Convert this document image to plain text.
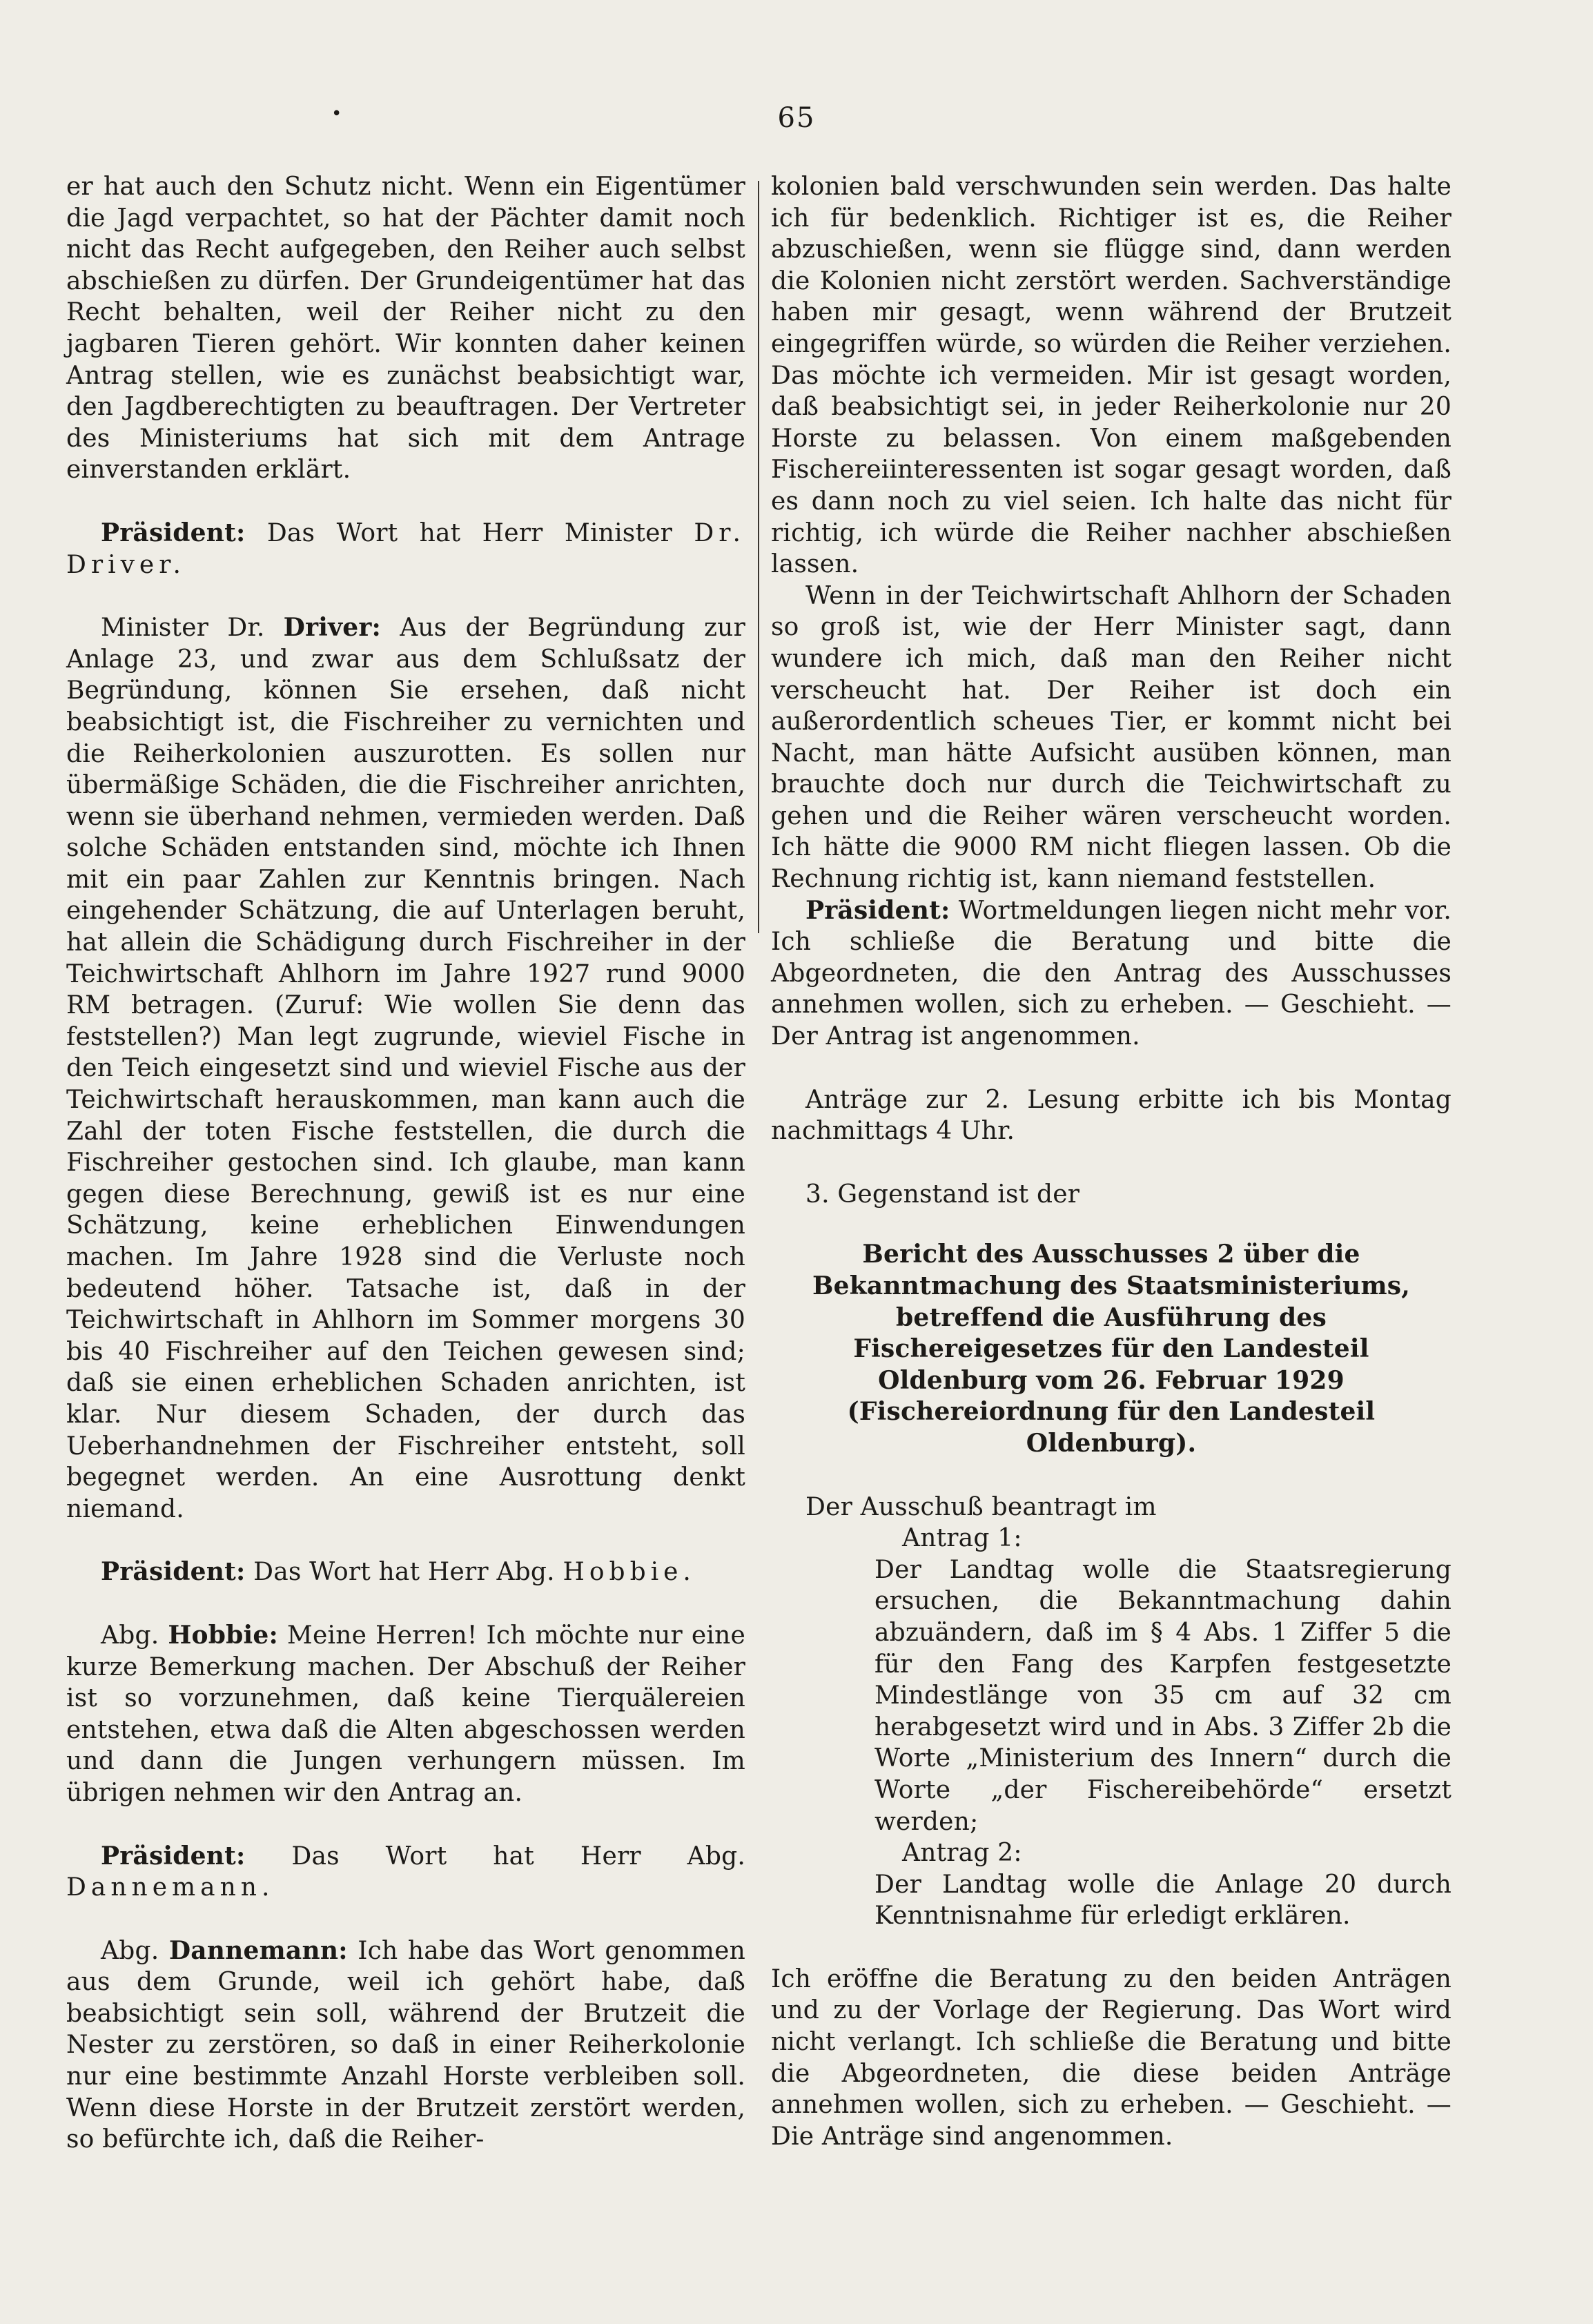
•	65

er hat auch den Schutz nicht. Wenn ein Eigentümer die Jagd verpachtet, so hat der Pächter damit noch nicht das Recht aufgegeben, den Reiher auch selbst abschießen zu dürfen. Der Grundeigentümer hat das Recht behalten, weil der Reiher nicht zu den jagbaren Tieren gehört. Wir konnten daher keinen Antrag stellen, wie es zunächst beabsichtigt war, den Jagdberechtigten zu beauftragen. Der Vertreter des Ministeriums hat sich mit dem Antrage einverstanden erklärt.

Präsident: Das Wort hat Herr Minister Dr. Driver.

Minister Dr. Driver: Aus der Begründung zur Anlage 23, und zwar aus dem Schlußsatz der Begründung, können Sie ersehen, daß nicht beabsichtigt ist, die Fischreiher zu vernichten und die Reiherkolonien auszurotten. Es sollen nur übermäßige Schäden, die die Fischreiher anrichten, wenn sie überhand nehmen, vermieden werden. Daß solche Schäden entstanden sind, möchte ich Ihnen mit ein paar Zahlen zur Kenntnis bringen. Nach eingehender Schätzung, die auf Unterlagen beruht, hat allein die Schädigung durch Fischreiher in der Teichwirtschaft Ahlhorn im Jahre 1927 rund 9000 RM betragen. (Zuruf: Wie wollen Sie denn das feststellen?) Man legt zugrunde, wieviel Fische in den Teich eingesetzt sind und wieviel Fische aus der Teichwirtschaft herauskommen, man kann auch die Zahl der toten Fische feststellen, die durch die Fischreiher gestochen sind. Ich glaube, man kann gegen diese Berechnung, gewiß ist es nur eine Schätzung, keine erheblichen Einwendungen machen. Im Jahre 1928 sind die Verluste noch bedeutend höher. Tatsache ist, daß in der Teichwirtschaft in Ahlhorn im Sommer morgens 30 bis 40 Fischreiher auf den Teichen gewesen sind; daß sie einen erheblichen Schaden anrichten, ist klar. Nur diesem Schaden, der durch das Ueberhandnehmen der Fischreiher entsteht, soll begegnet werden. An eine Ausrottung denkt niemand.

Präsident: Das Wort hat Herr Abg. Hobbie.

Abg. Hobbie: Meine Herren! Ich möchte nur eine kurze Bemerkung machen. Der Abschuß der Reiher ist so vorzunehmen, daß keine Tierquälereien entstehen, etwa daß die Alten abgeschossen werden und dann die Jungen verhungern müssen. Im übrigen nehmen wir den Antrag an.

Präsident: Das Wort hat Herr Abg. Dannemann.

Abg. Dannemann: Ich habe das Wort genommen aus dem Grunde, weil ich gehört habe, daß beabsichtigt sein soll, während der Brutzeit die Nester zu zerstören, so daß in einer Reiherkolonie nur eine bestimmte Anzahl Horste verbleiben soll. Wenn diese Horste in der Brutzeit zerstört werden, so befürchte ich, daß die Reiher-

kolonien bald verschwunden sein werden. Das halte ich für bedenklich. Richtiger ist es, die Reiher abzuschießen, wenn sie flügge sind, dann werden die Kolonien nicht zerstört werden. Sachverständige haben mir gesagt, wenn während der Brutzeit eingegriffen würde, so würden die Reiher verziehen. Das möchte ich vermeiden. Mir ist gesagt worden, daß beabsichtigt sei, in jeder Reiherkolonie nur 20 Horste zu belassen. Von einem maßgebenden Fischereiinteressenten ist sogar gesagt worden, daß es dann noch zu viel seien. Ich halte das nicht für richtig, ich würde die Reiher nachher abschießen lassen.

Wenn in der Teichwirtschaft Ahlhorn der Schaden so groß ist, wie der Herr Minister sagt, dann wundere ich mich, daß man den Reiher nicht verscheucht hat. Der Reiher ist doch ein außerordentlich scheues Tier, er kommt nicht bei Nacht, man hätte Aufsicht ausüben können, man brauchte doch nur durch die Teichwirtschaft zu gehen und die Reiher wären verscheucht worden. Ich hätte die 9000 RM nicht fliegen lassen. Ob die Rechnung richtig ist, kann niemand feststellen.

Präsident: Wortmeldungen liegen nicht mehr vor. Ich schließe die Beratung und bitte die Abgeordneten, die den Antrag des Ausschusses annehmen wollen, sich zu erheben. — Geschieht. — Der Antrag ist angenommen.

Anträge zur 2. Lesung erbitte ich bis Montag nachmittags 4 Uhr.

3. Gegenstand ist der

Bericht des Ausschusses 2 über die Bekanntmachung des Staatsministeriums, betreffend die Ausführung des Fischereigesetzes für den Landesteil Oldenburg vom 26. Februar 1929 (Fischereiordnung für den Landesteil Oldenburg).

Der Ausschuß beantragt im

Antrag 1:

Der Landtag wolle die Staatsregierung ersuchen, die Bekanntmachung dahin abzuändern, daß im § 4 Abs. 1 Ziffer 5 die für den Fang des Karpfen festgesetzte Mindestlänge von 35 cm auf 32 cm herabgesetzt wird und in Abs. 3 Ziffer 2b die Worte „Ministerium des Innern“ durch die Worte „der Fischereibehörde“ ersetzt werden;

Antrag 2:

Der Landtag wolle die Anlage 20 durch Kenntnisnahme für erledigt erklären.

Ich eröffne die Beratung zu den beiden Anträgen und zu der Vorlage der Regierung. Das Wort wird nicht verlangt. Ich schließe die Beratung und bitte die Abgeordneten, die diese beiden Anträge annehmen wollen, sich zu erheben. — Geschieht. — Die Anträge sind angenommen.
